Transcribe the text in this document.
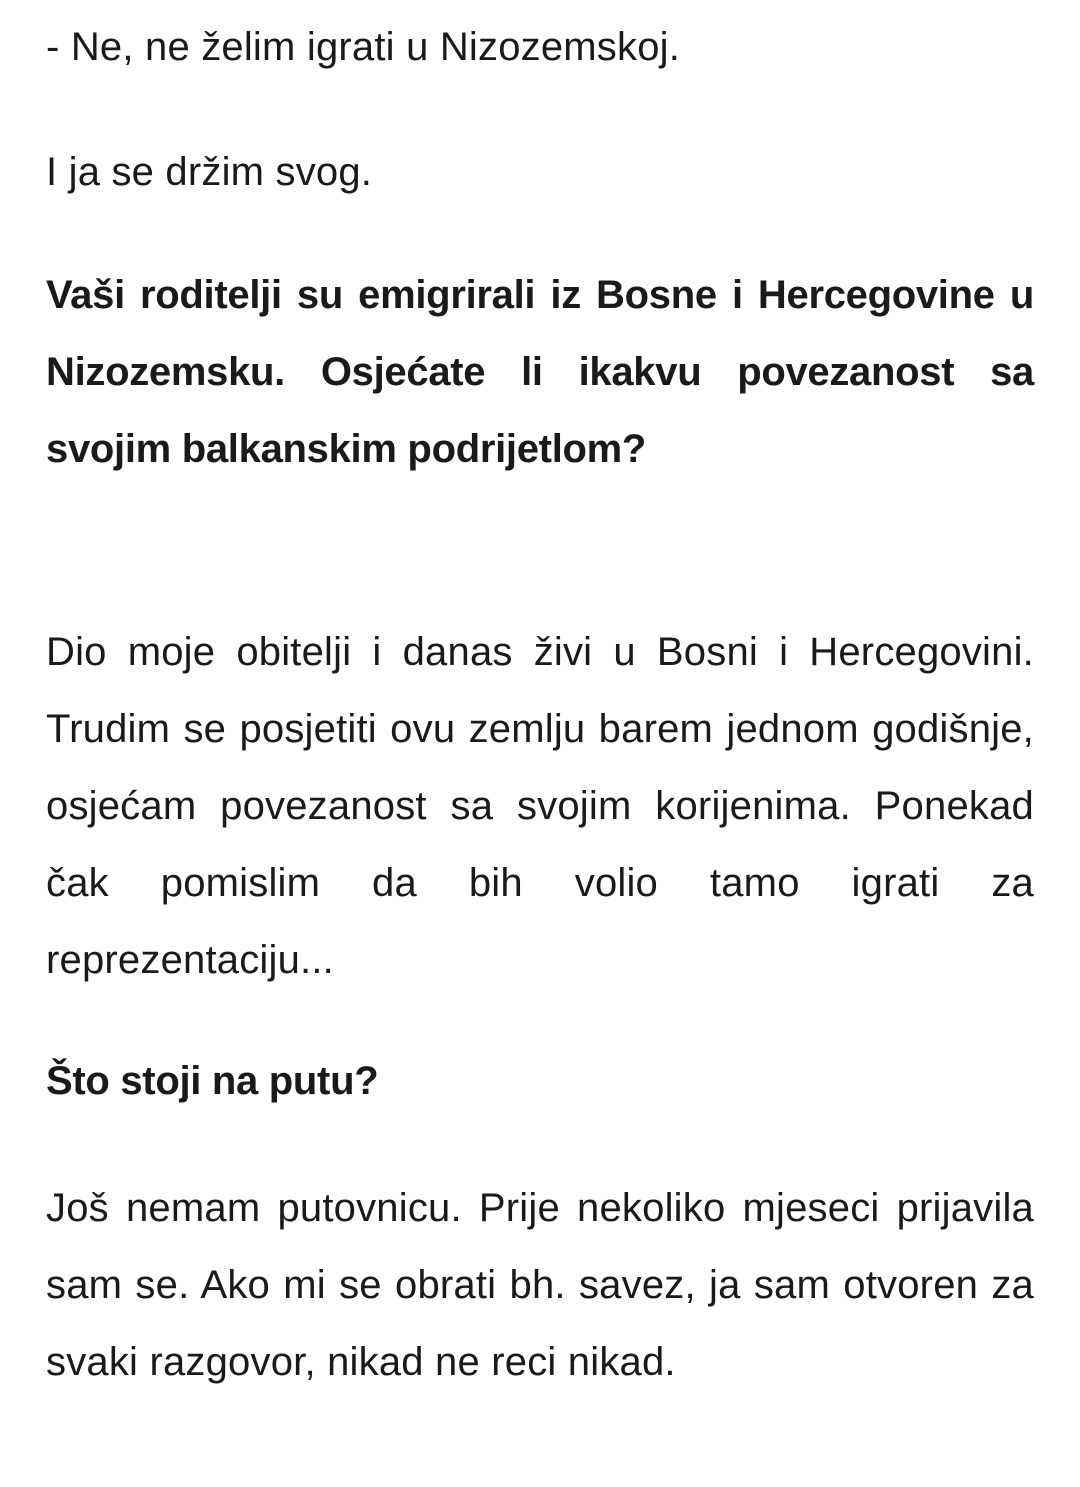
- Ne, ne želim igrati u Nizozemskoj.

I ja se držim svog.

Vaši roditelji su emigrirali iz Bosne i Hercegovine u Nizozemsku. Osjećate li ikakvu povezanost sa svojim balkanskim podrijetlom?

Dio moje obitelji i danas živi u Bosni i Hercegovini. Trudim se posjetiti ovu zemlju barem jednom godišnje, osjećam povezanost sa svojim korijenima. Ponekad čak pomislim da bih volio tamo igrati za reprezentaciju...

Što stoji na putu?

Još nemam putovnicu. Prije nekoliko mjeseci prijavila sam se. Ako mi se obrati bh. savez, ja sam otvoren za svaki razgovor, nikad ne reci nikad.
